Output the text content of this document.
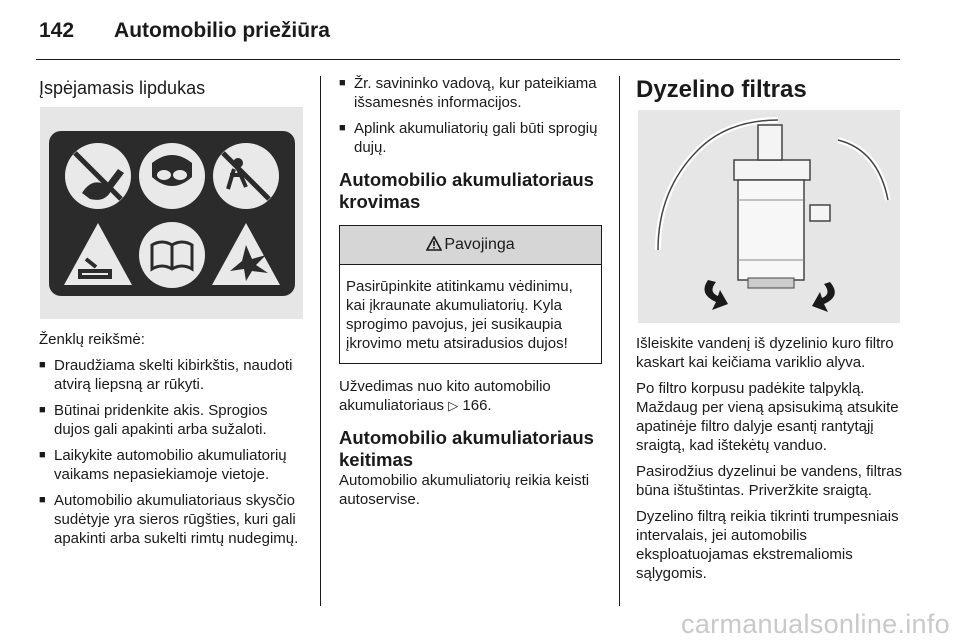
142 Automobilio priežiūra
Įspėjamasis lipdukas

Ženklų reikšmė:

■ Draudžiama skelti kibirkštis, naudoti atvirą liepsną ar rūkyti.
■ Būtinai pridenkite akis. Sprogios dujos gali apakinti arba sužaloti.
■ Laikykite automobilio akumuliatorių vaikams nepasiekiamoje vietoje.
■ Automobilio akumuliatoriaus skysčio sudėtyje yra sieros rūgšties, kuri gali apakinti arba sukelti rimtų nudegimų.
■ Žr. savininko vadovą, kur pateikiama išsamesnės informacijos.
■ Aplink akumuliatorių gali būti sprogių dujų.
Automobilio akumuliatoriaus krovimas
Pavojinga
Pasirūpinkite atitinkamu vėdinimu, kai įkraunate akumuliatorių. Kyla sprogimo pavojus, jei susikaupia įkrovimo metu atsiradusios dujos!

Užvedimas nuo kito automobilio akumuliatoriaus ▷ 166.

Automobilio akumuliatoriaus keitimas

Automobilio akumuliatorių reikia keisti autoservise.

Dyzelino filtras

Išleiskite vandenį iš dyzelinio kuro filtro kaskart kai keičiama variklio alyva.

Po filtro korpusu padėkite talpyklą. Maždaug per vieną apsisukimą atsukite apatinėje filtro dalyje esantį rantytąjį sraigtą, kad ištekėtų vanduo.

Pasirodžius dyzelinui be vandens, filtras būna ištuštintas. Priveržkite sraigtą.

Dyzelino filtrą reikia tikrinti trumpesniais intervalais, jei automobilis eksploatuojamas ekstremaliomis sąlygomis.

carmanualsonline.info
